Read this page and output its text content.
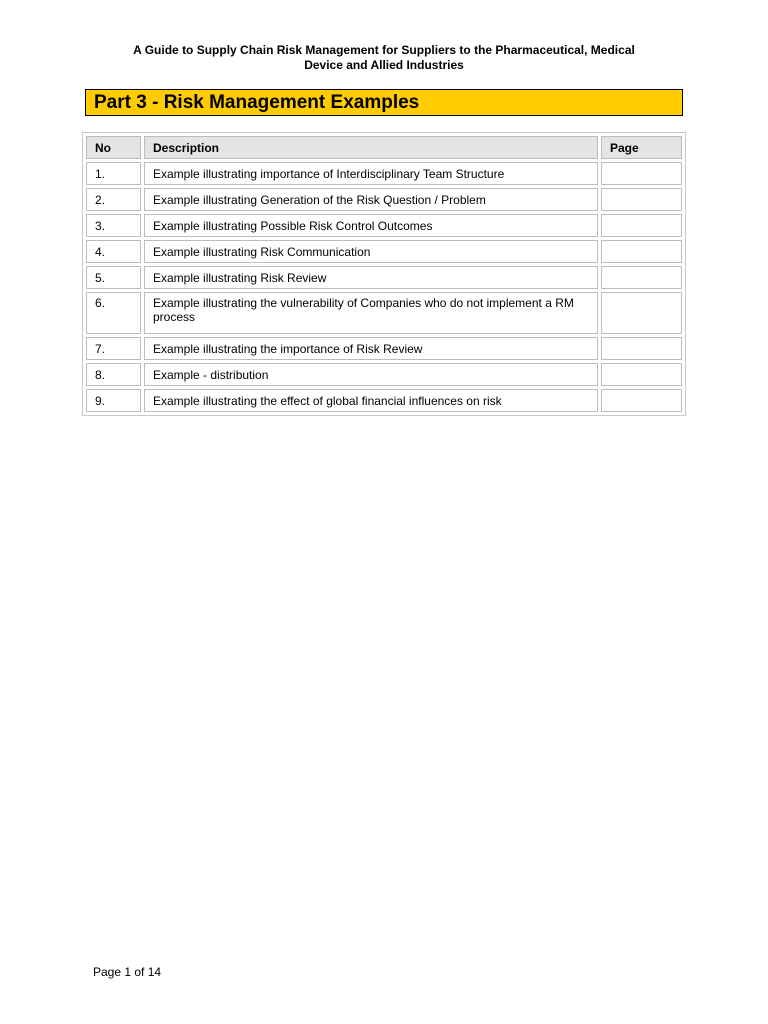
A Guide to Supply Chain Risk Management for Suppliers to the Pharmaceutical, Medical
Device and Allied Industries
Part 3 - Risk Management Examples
No	Description	Page
1.	Example illustrating importance of Interdisciplinary Team Structure	
2.	Example illustrating Generation of the Risk Question / Problem	
3.	Example illustrating Possible Risk Control Outcomes	
4.	Example illustrating Risk Communication	
5.	Example illustrating Risk Review	
6.	Example illustrating the vulnerability of Companies who do not implement a RM process	
7.	Example illustrating the importance of Risk Review	
8.	Example - distribution	
9.	Example illustrating the effect of global financial influences on risk	
Page 1 of 14
